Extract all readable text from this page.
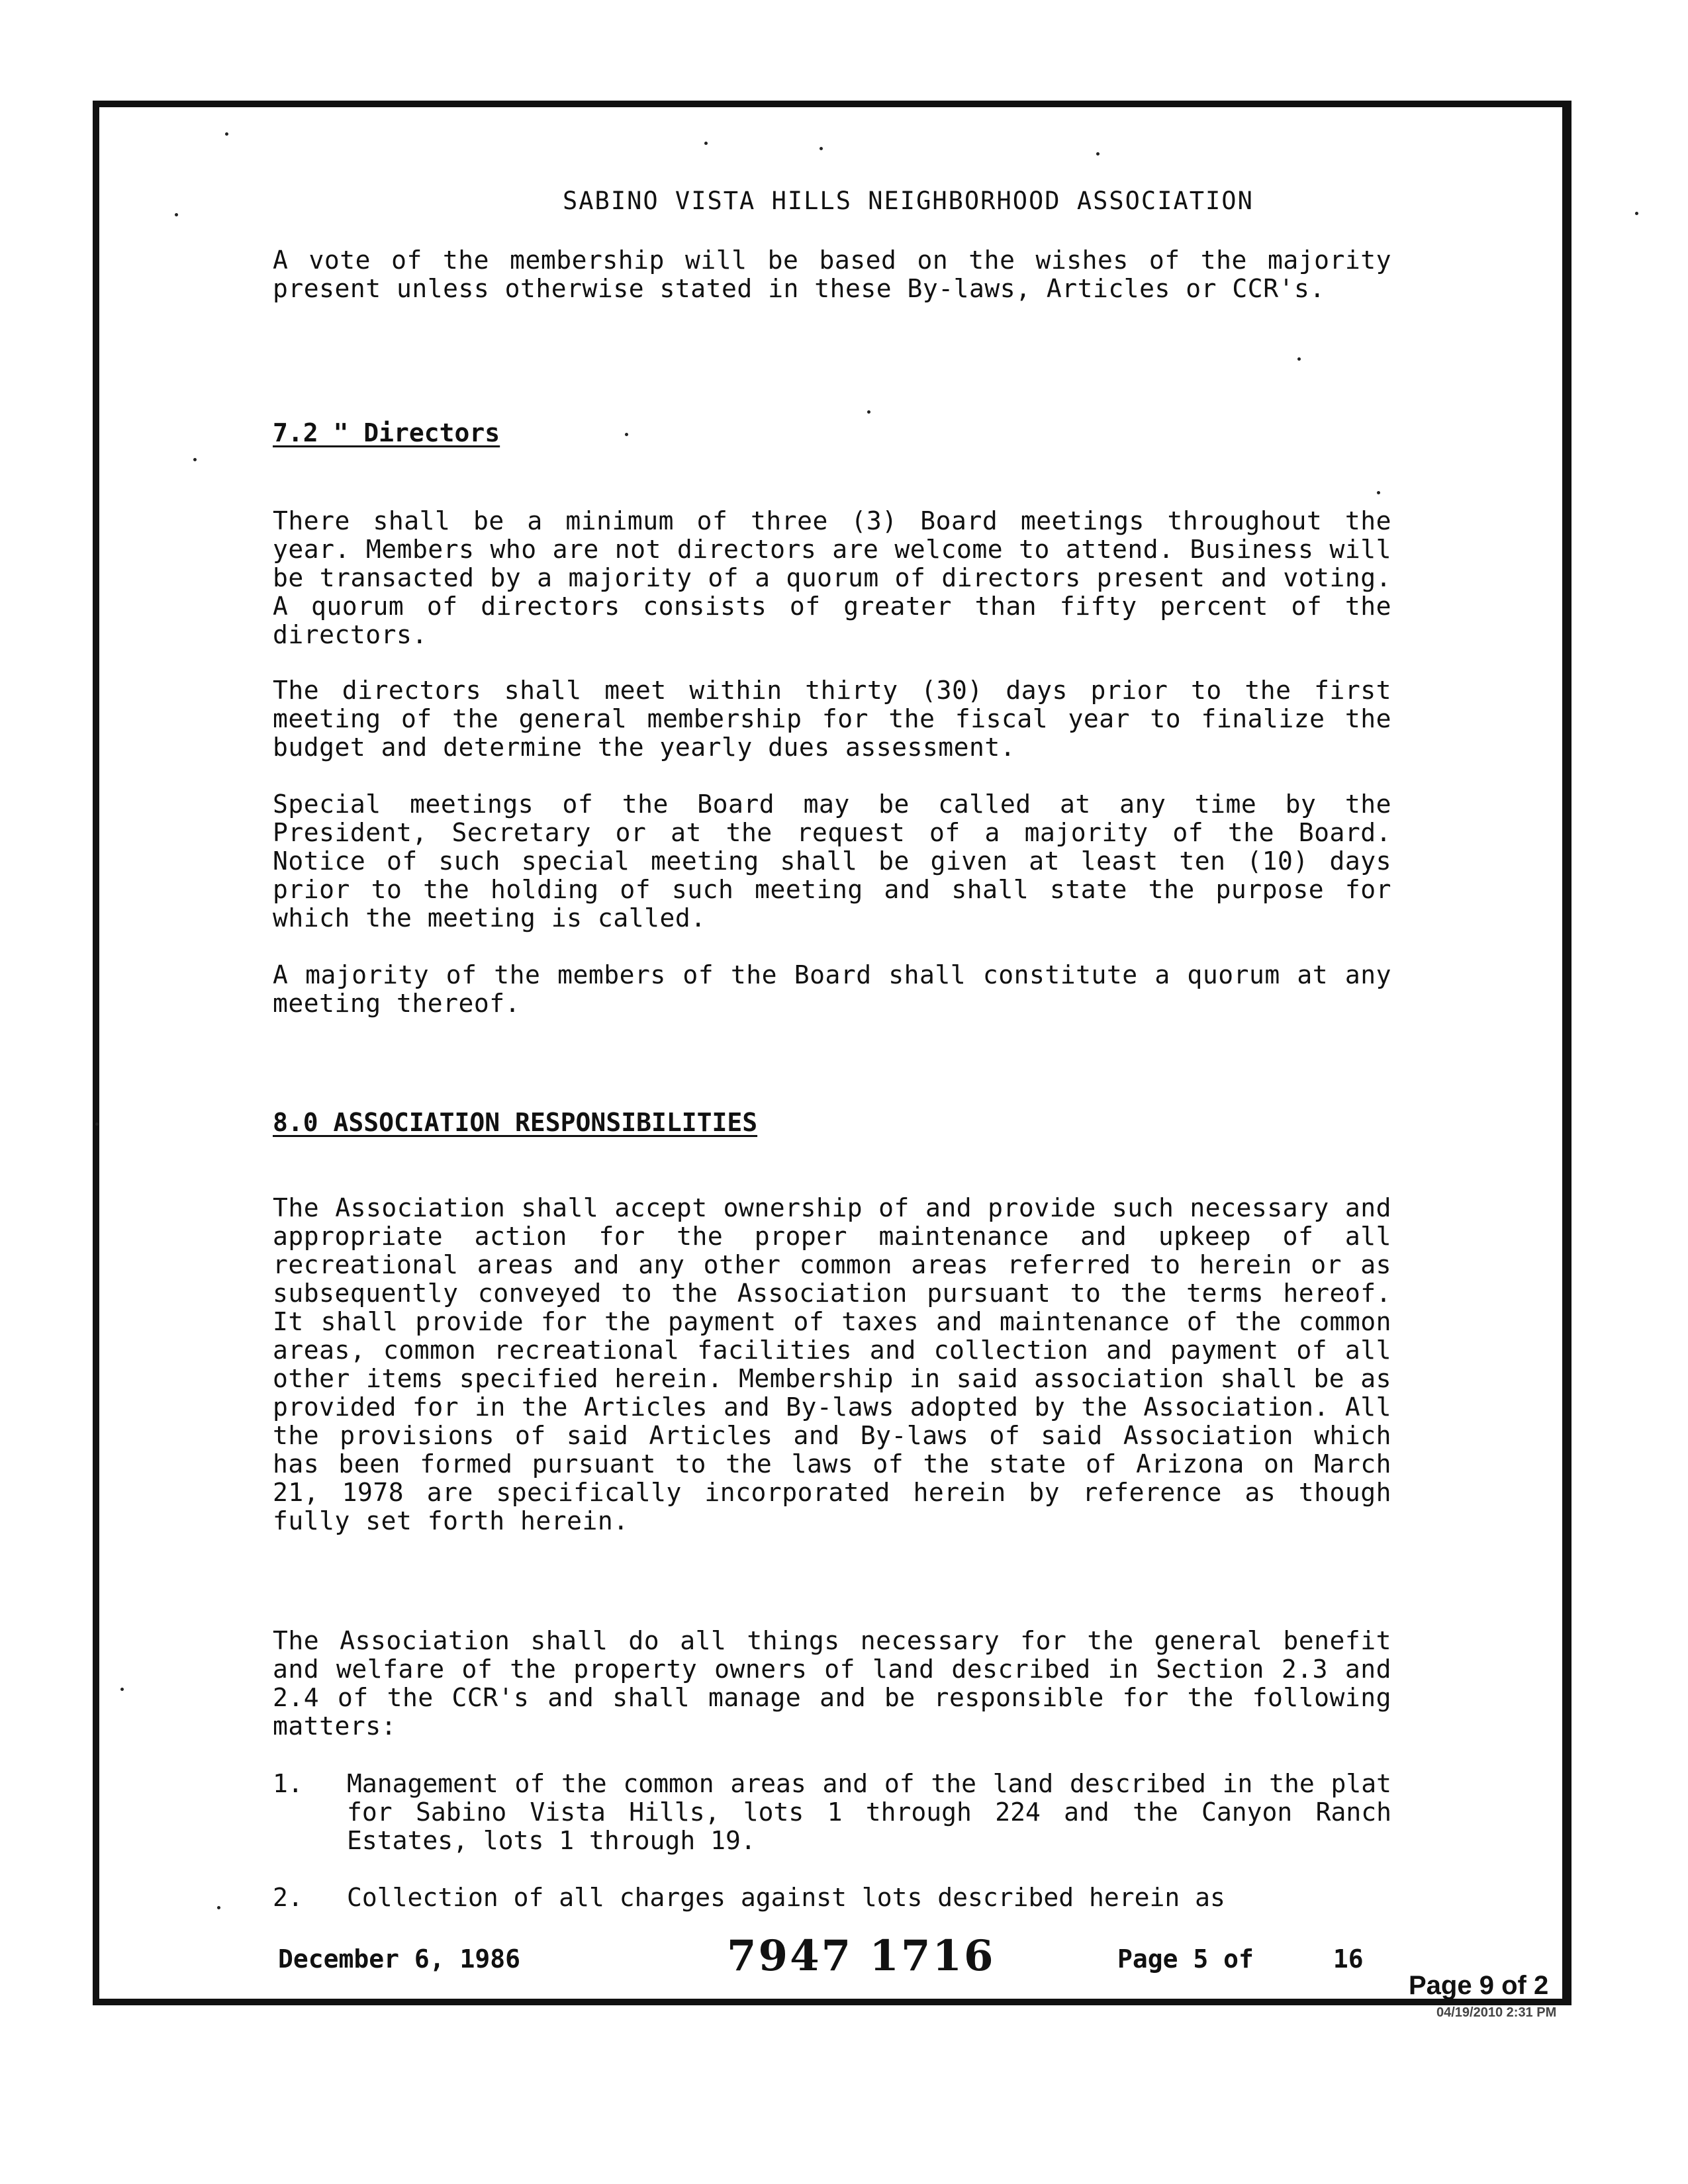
SABINO VISTA HILLS NEIGHBORHOOD ASSOCIATION
A vote of the membership will be based on the wishes of the majority present unless otherwise stated in these By-laws, Articles or CCR's.
7.2 " Directors
There shall be a minimum of three (3) Board meetings throughout the year. Members who are not directors are welcome to attend. Business will be transacted by a majority of a quorum of directors present and voting. A quorum of directors consists of greater than fifty percent of the directors.
The directors shall meet within thirty (30) days prior to the first meeting of the general membership for the fiscal year to finalize the budget and determine the yearly dues assessment.
Special meetings of the Board may be called at any time by the President, Secretary or at the request of a majority of the Board. Notice of such special meeting shall be given at least ten (10) days prior to the holding of such meeting and shall state the purpose for which the meeting is called.
A majority of the members of the Board shall constitute a quorum at any meeting thereof.
8.0 ASSOCIATION RESPONSIBILITIES
The Association shall accept ownership of and provide such necessary and appropriate action for the proper maintenance and upkeep of all recreational areas and any other common areas referred to herein or as subsequently conveyed to the Association pursuant to the terms hereof. It shall provide for the payment of taxes and maintenance of the common areas, common recreational facilities and collection and payment of all other items specified herein. Membership in said association shall be as provided for in the Articles and By-laws adopted by the Association. All the provisions of said Articles and By-laws of said Association which has been formed pursuant to the laws of the state of Arizona on March 21, 1978 are specifically incorporated herein by reference as though fully set forth herein.
The Association shall do all things necessary for the general benefit and welfare of the property owners of land described in Section 2.3 and 2.4 of the CCR's and shall manage and be responsible for the following matters:
1. Management of the common areas and of the land described in the plat for Sabino Vista Hills, lots 1 through 224 and the Canyon Ranch Estates, lots 1 through 19.
2. Collection of all charges against lots described herein as
December 6, 1986	7947 1716	Page 5 of	16
Page 9 of 2
04/19/2010 2:31 PM
